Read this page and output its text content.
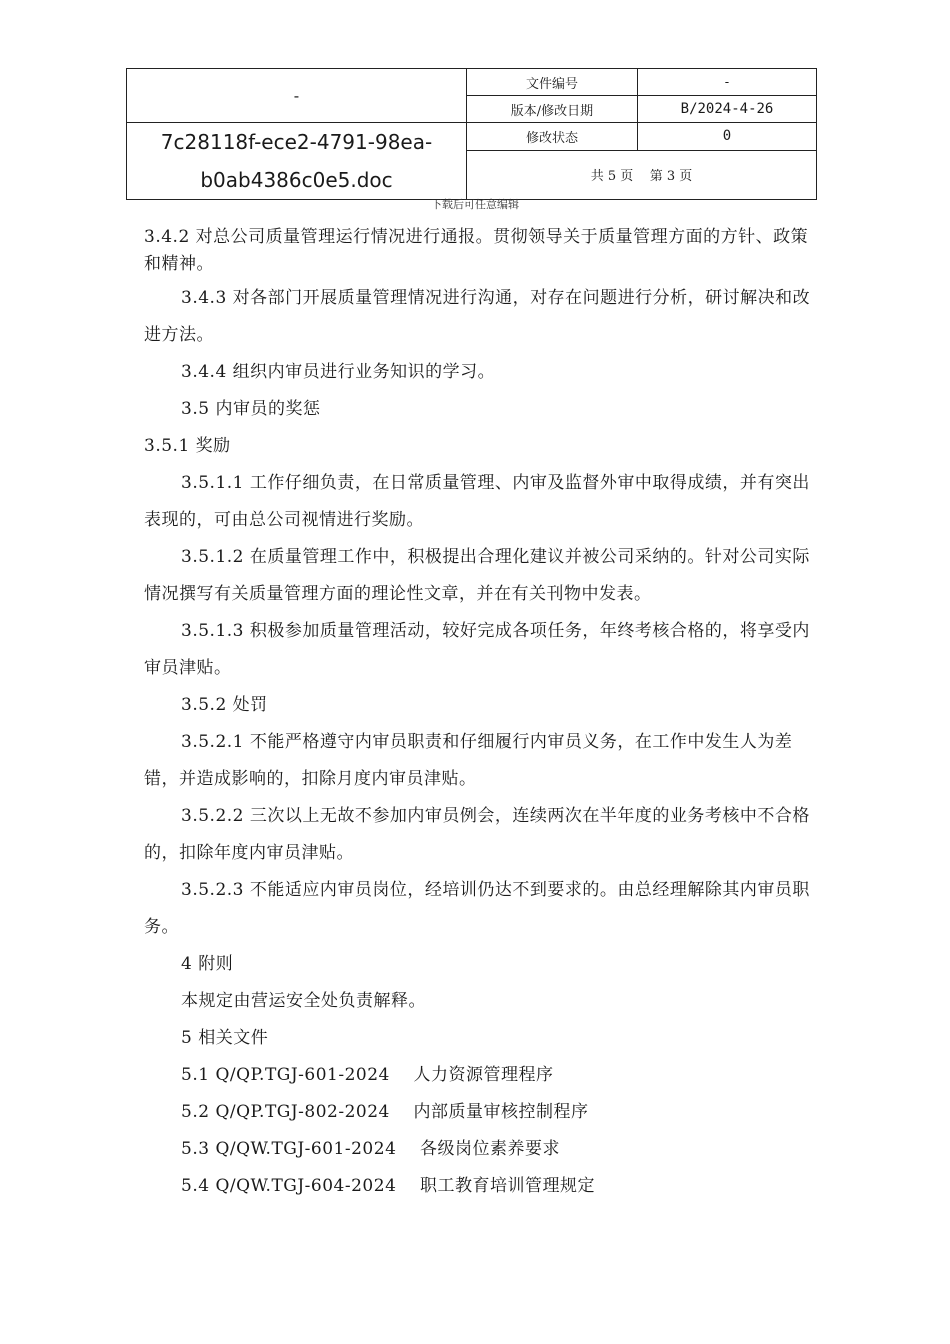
-	文件编号	-
	版本/修改日期	B/2024-4-26

7c28118f-ece2-4791-98ea-
b0ab4386c0e5.doc	修改状态	0
	共 5 页    第 3 页	
下载后可任意编辑

3.4.2 对总公司质量管理运行情况进行通报。贯彻领导关于质量管理方面的方针、政策和精神。

3.4.3 对各部门开展质量管理情况进行沟通，对存在问题进行分析，研讨解决和改进方法。

3.4.4 组织内审员进行业务知识的学习。

3.5 内审员的奖惩

3.5.1 奖励

3.5.1.1 工作仔细负责，在日常质量管理、内审及监督外审中取得成绩，并有突出表现的，可由总公司视情进行奖励。

3.5.1.2 在质量管理工作中，积极提出合理化建议并被公司采纳的。针对公司实际情况撰写有关质量管理方面的理论性文章，并在有关刊物中发表。

3.5.1.3 积极参加质量管理活动，较好完成各项任务，年终考核合格的，将享受内审员津贴。

3.5.2 处罚

3.5.2.1 不能严格遵守内审员职责和仔细履行内审员义务，在工作中发生人为差错，并造成影响的，扣除月度内审员津贴。

3.5.2.2 三次以上无故不参加内审员例会，连续两次在半年度的业务考核中不合格的，扣除年度内审员津贴。

3.5.2.3 不能适应内审员岗位，经培训仍达不到要求的。由总经理解除其内审员职务。

4 附则

本规定由营运安全处负责解释。

5 相关文件

5.1 Q/QP.TGJ-601-2024    人力资源管理程序

5.2 Q/QP.TGJ-802-2024    内部质量审核控制程序

5.3 Q/QW.TGJ-601-2024    各级岗位素养要求

5.4 Q/QW.TGJ-604-2024    职工教育培训管理规定
